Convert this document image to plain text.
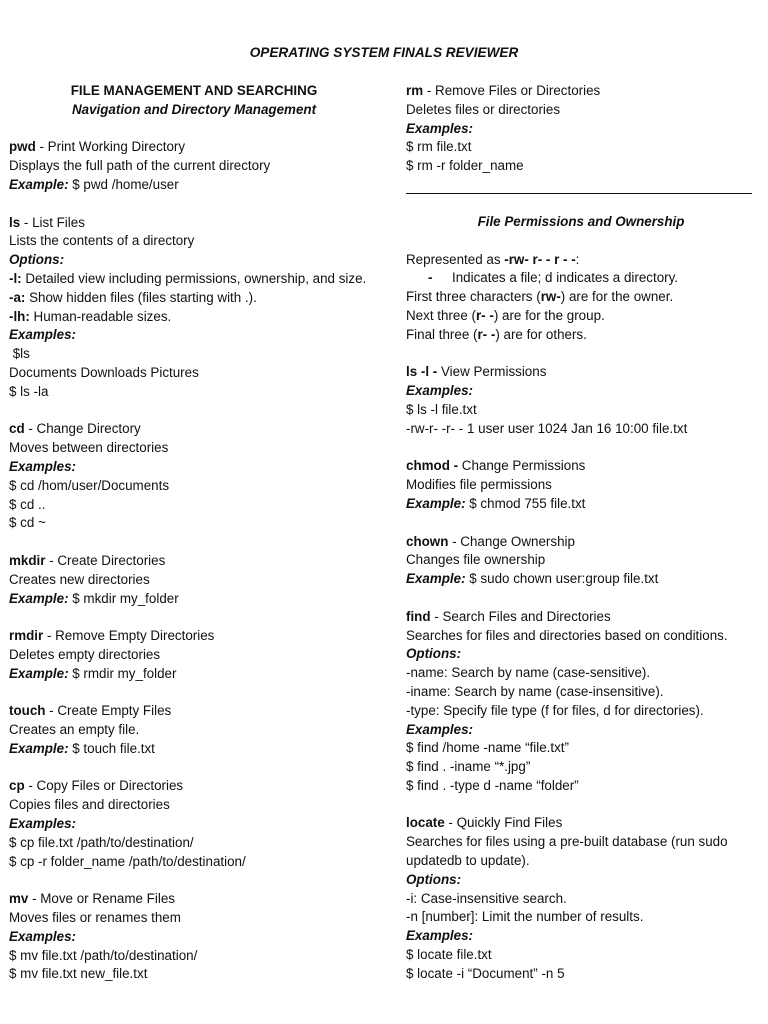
OPERATING SYSTEM FINALS REVIEWER
FILE MANAGEMENT AND SEARCHING
Navigation and Directory Management
pwd - Print Working Directory
Displays the full path of the current directory
Example: $ pwd /home/user
ls - List Files
Lists the contents of a directory
Options:
-l: Detailed view including permissions, ownership, and size.
-a: Show hidden files (files starting with .).
-lh: Human-readable sizes.
Examples:
$ls
Documents Downloads Pictures
$ ls -la
cd - Change Directory
Moves between directories
Examples:
$ cd /hom/user/Documents
$ cd ..
$ cd ~
mkdir - Create Directories
Creates new directories
Example: $ mkdir my_folder
rmdir - Remove Empty Directories
Deletes empty directories
Example: $ rmdir my_folder
touch - Create Empty Files
Creates an empty file.
Example: $ touch file.txt
cp - Copy Files or Directories
Copies files and directories
Examples:
$ cp file.txt /path/to/destination/
$ cp -r folder_name /path/to/destination/
mv - Move or Rename Files
Moves files or renames them
Examples:
$ mv file.txt /path/to/destination/
$ mv file.txt new_file.txt
rm - Remove Files or Directories
Deletes files or directories
Examples:
$ rm file.txt
$ rm -r folder_name
File Permissions and Ownership
Represented as -rw- r- - r - -:
- Indicates a file; d indicates a directory.
First three characters (rw-) are for the owner.
Next three (r- -) are for the group.
Final three (r- -) are for others.
ls -l - View Permissions
Examples:
$ ls -l file.txt
-rw-r- -r- - 1 user user 1024 Jan 16 10:00 file.txt
chmod - Change Permissions
Modifies file permissions
Example: $ chmod 755 file.txt
chown - Change Ownership
Changes file ownership
Example: $ sudo chown user:group file.txt
find - Search Files and Directories
Searches for files and directories based on conditions.
Options:
-name: Search by name (case-sensitive).
-iname: Search by name (case-insensitive).
-type: Specify file type (f for files, d for directories).
Examples:
$ find /home -name “file.txt”
$ find . -iname “*.jpg”
$ find . -type d -name “folder”
locate - Quickly Find Files
Searches for files using a pre-built database (run sudo updatedb to update).
Options:
-i: Case-insensitive search.
-n [number]: Limit the number of results.
Examples:
$ locate file.txt
$ locate -i “Document” -n 5
